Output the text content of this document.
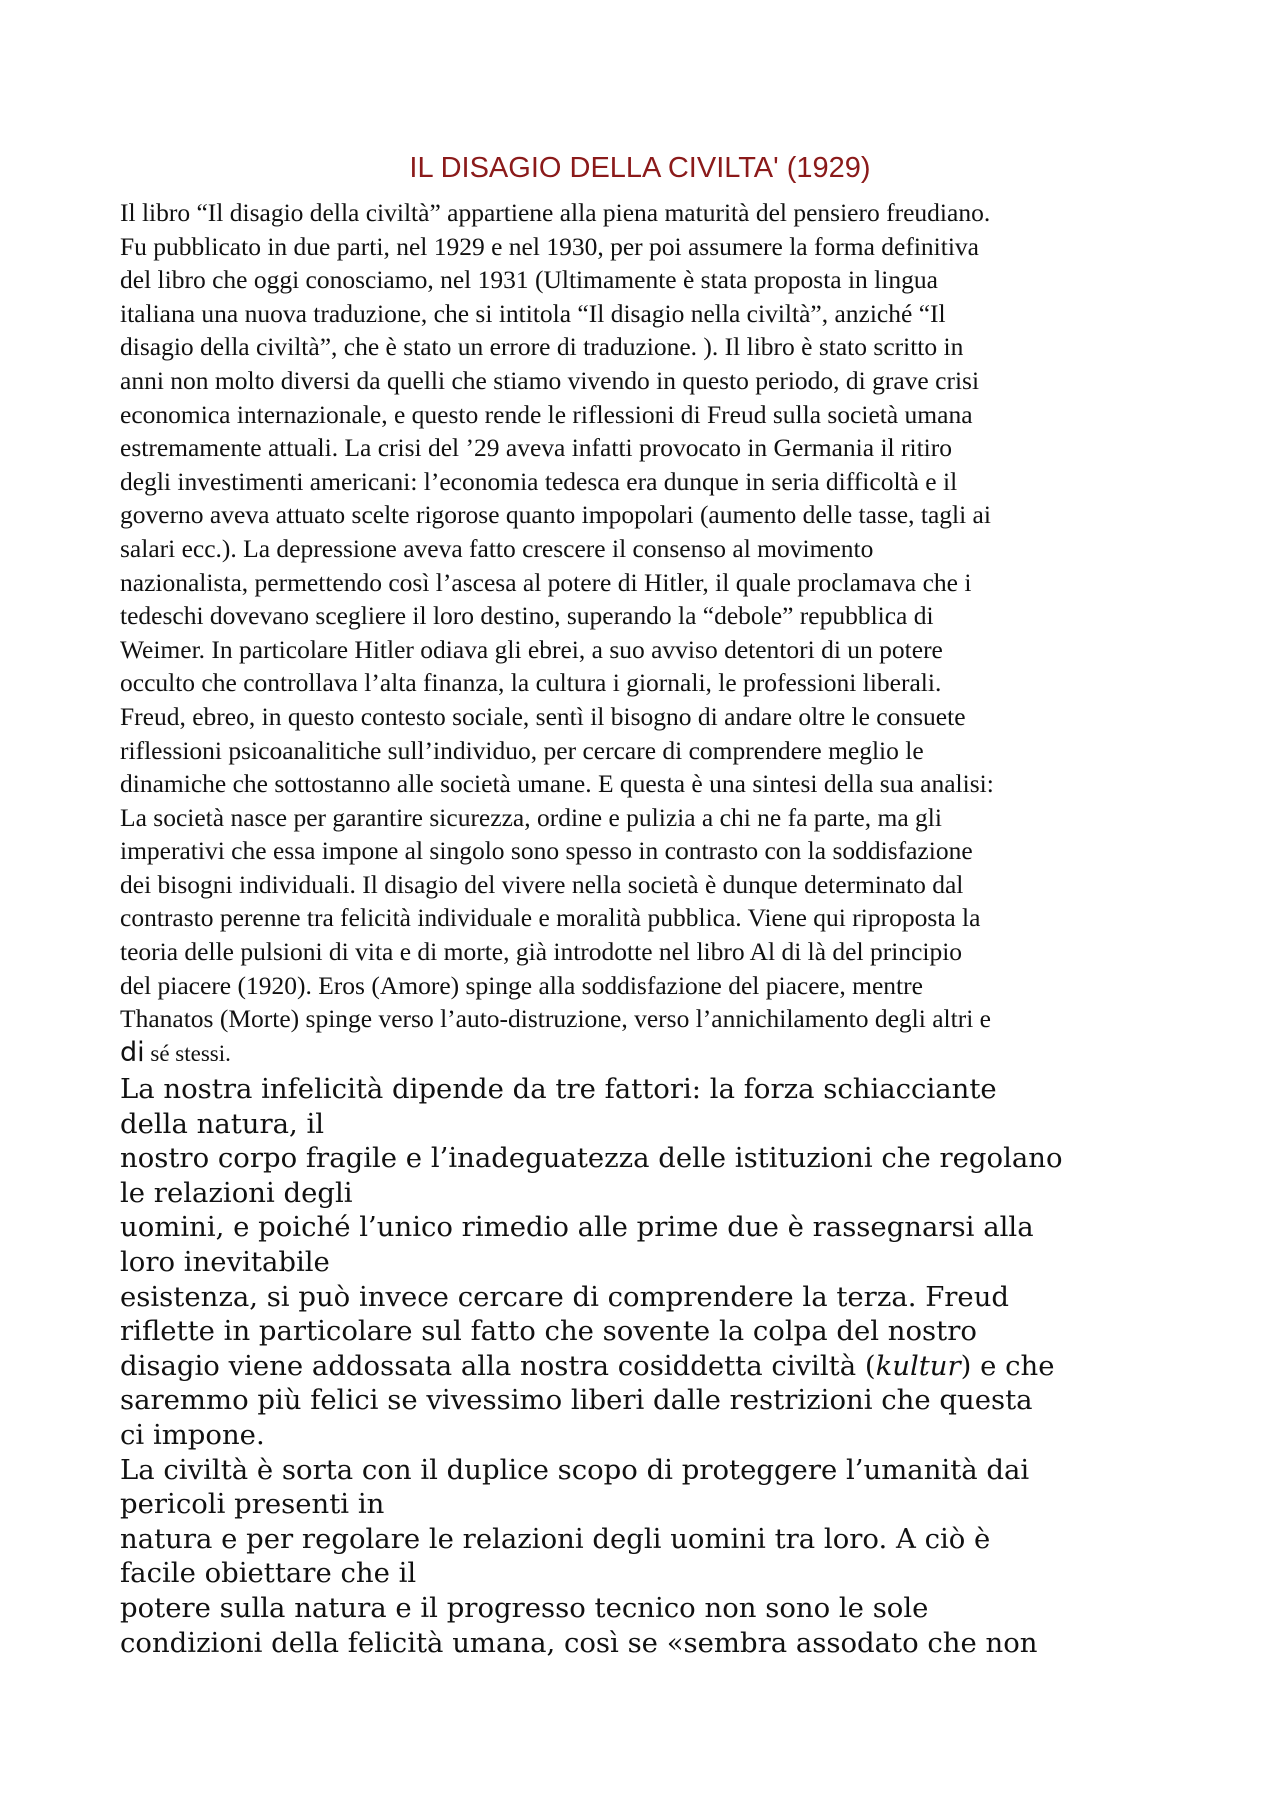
IL DISAGIO DELLA CIVILTA' (1929)
Il libro “Il disagio della civiltà” appartiene alla piena maturità del pensiero freudiano.
Fu pubblicato in due parti, nel 1929 e nel 1930, per poi assumere la forma definitiva
del libro che oggi conosciamo, nel 1931 (Ultimamente è stata proposta in lingua
italiana una nuova traduzione, che si intitola “Il disagio nella civiltà”, anziché “Il
disagio della civiltà”, che è stato un errore di traduzione. ). Il libro è stato scritto in
anni non molto diversi da quelli che stiamo vivendo in questo periodo, di grave crisi
economica internazionale, e questo rende le riflessioni di Freud sulla società umana
estremamente attuali. La crisi del ’29 aveva infatti provocato in Germania il ritiro
degli investimenti americani: l’economia tedesca era dunque in seria difficoltà e il
governo aveva attuato scelte rigorose quanto impopolari (aumento delle tasse, tagli ai
salari ecc.). La depressione aveva fatto crescere il consenso al movimento
nazionalista, permettendo così l’ascesa al potere di Hitler, il quale proclamava che i
tedeschi dovevano scegliere il loro destino, superando la “debole” repubblica di
Weimer. In particolare Hitler odiava gli ebrei, a suo avviso detentori di un potere
occulto che controllava l’alta finanza, la cultura i giornali, le professioni liberali.
Freud, ebreo, in questo contesto sociale, sentì il bisogno di andare oltre le consuete
riflessioni psicoanalitiche sull’individuo, per cercare di comprendere meglio le
dinamiche che sottostanno alle società umane. E questa è una sintesi della sua analisi:
La società nasce per garantire sicurezza, ordine e pulizia a chi ne fa parte, ma gli
imperativi che essa impone al singolo sono spesso in contrasto con la soddisfazione
dei bisogni individuali. Il disagio del vivere nella società è dunque determinato dal
contrasto perenne tra felicità individuale e moralità pubblica. Viene qui riproposta la
teoria delle pulsioni di vita e di morte, già introdotte nel libro Al di là del principio
del piacere (1920). Eros (Amore) spinge alla soddisfazione del piacere, mentre
Thanatos (Morte) spinge verso l’auto-distruzione, verso l’annichilamento degli altri e
di sé stessi.
La nostra infelicità dipende da tre fattori: la forza schiacciante
della natura, il
nostro corpo fragile e l’inadeguatezza delle istituzioni che regolano
le relazioni degli
uomini, e poiché l’unico rimedio alle prime due è rassegnarsi alla
loro inevitabile
esistenza, si può invece cercare di comprendere la terza. Freud
riflette in particolare sul fatto che sovente la colpa del nostro
disagio viene addossata alla nostra cosiddetta civiltà (kultur) e che
saremmo più felici se vivessimo liberi dalle restrizioni che questa
ci impone.
La civiltà è sorta con il duplice scopo di proteggere l’umanità dai
pericoli presenti in
natura e per regolare le relazioni degli uomini tra loro. A ciò è
facile obiettare che il
potere sulla natura e il progresso tecnico non sono le sole
condizioni della felicità umana, così se «sembra assodato che non
